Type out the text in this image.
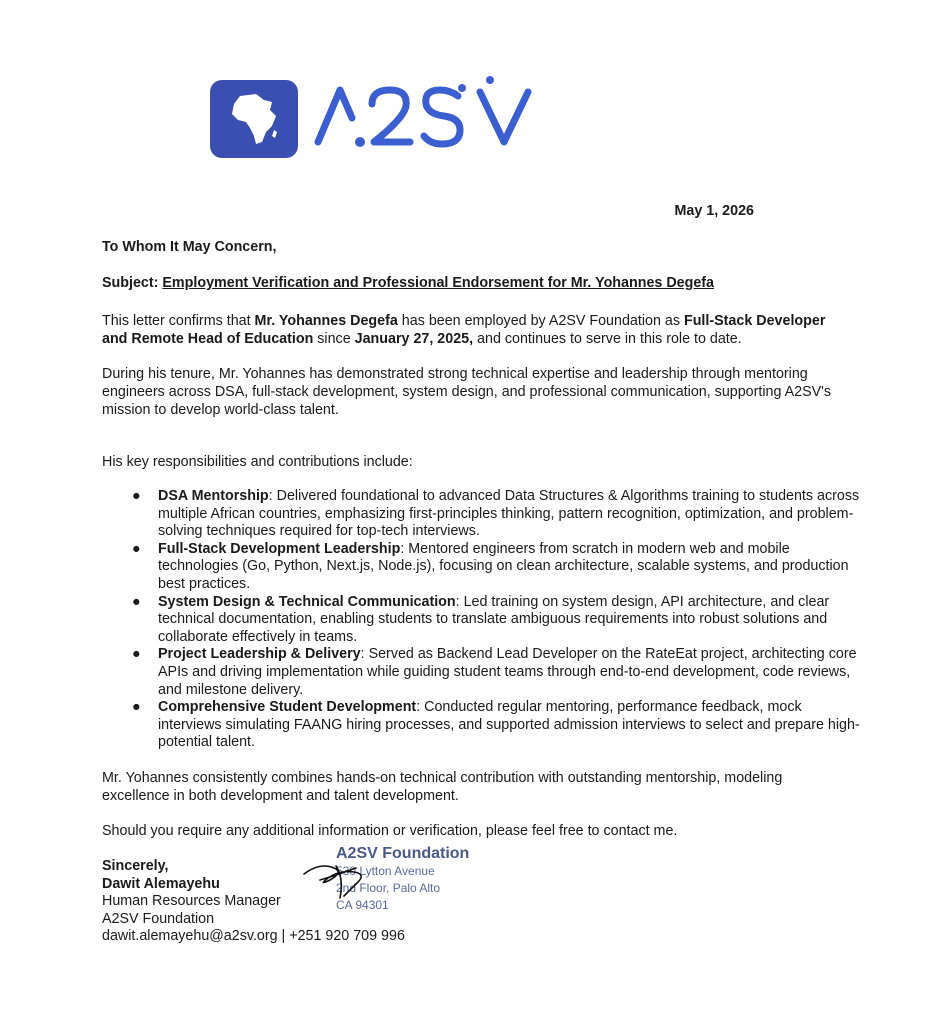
May 1, 2026

To Whom It May Concern,

Subject: Employment Verification and Professional Endorsement for Mr. Yohannes Degefa

This letter confirms that Mr. Yohannes Degefa has been employed by A2SV Foundation as Full-Stack Developer and Remote Head of Education since January 27, 2025, and continues to serve in this role to date.

During his tenure, Mr. Yohannes has demonstrated strong technical expertise and leadership through mentoring engineers across DSA, full-stack development, system design, and professional communication, supporting A2SV's mission to develop world-class talent.

His key responsibilities and contributions include:

● DSA Mentorship: Delivered foundational to advanced Data Structures & Algorithms training to students across multiple African countries, emphasizing first-principles thinking, pattern recognition, optimization, and problem-solving techniques required for top-tech interviews.
● Full-Stack Development Leadership: Mentored engineers from scratch in modern web and mobile technologies (Go, Python, Next.js, Node.js), focusing on clean architecture, scalable systems, and production best practices.
● System Design & Technical Communication: Led training on system design, API architecture, and clear technical documentation, enabling students to translate ambiguous requirements into robust solutions and collaborate effectively in teams.
● Project Leadership & Delivery: Served as Backend Lead Developer on the RateEat project, architecting core APIs and driving implementation while guiding student teams through end-to-end development, code reviews, and milestone delivery.
● Comprehensive Student Development: Conducted regular mentoring, performance feedback, mock interviews simulating FAANG hiring processes, and supported admission interviews to select and prepare high-potential talent.

Mr. Yohannes consistently combines hands-on technical contribution with outstanding mentorship, modeling excellence in both development and talent development.

Should you require any additional information or verification, please feel free to contact me.

Sincerely,
Dawit Alemayehu
Human Resources Manager
A2SV Foundation
dawit.alemayehu@a2sv.org | +251 920 709 996
A2SV Foundation
530 Lytton Avenue
2nd Floor, Palo Alto
CA 94301
